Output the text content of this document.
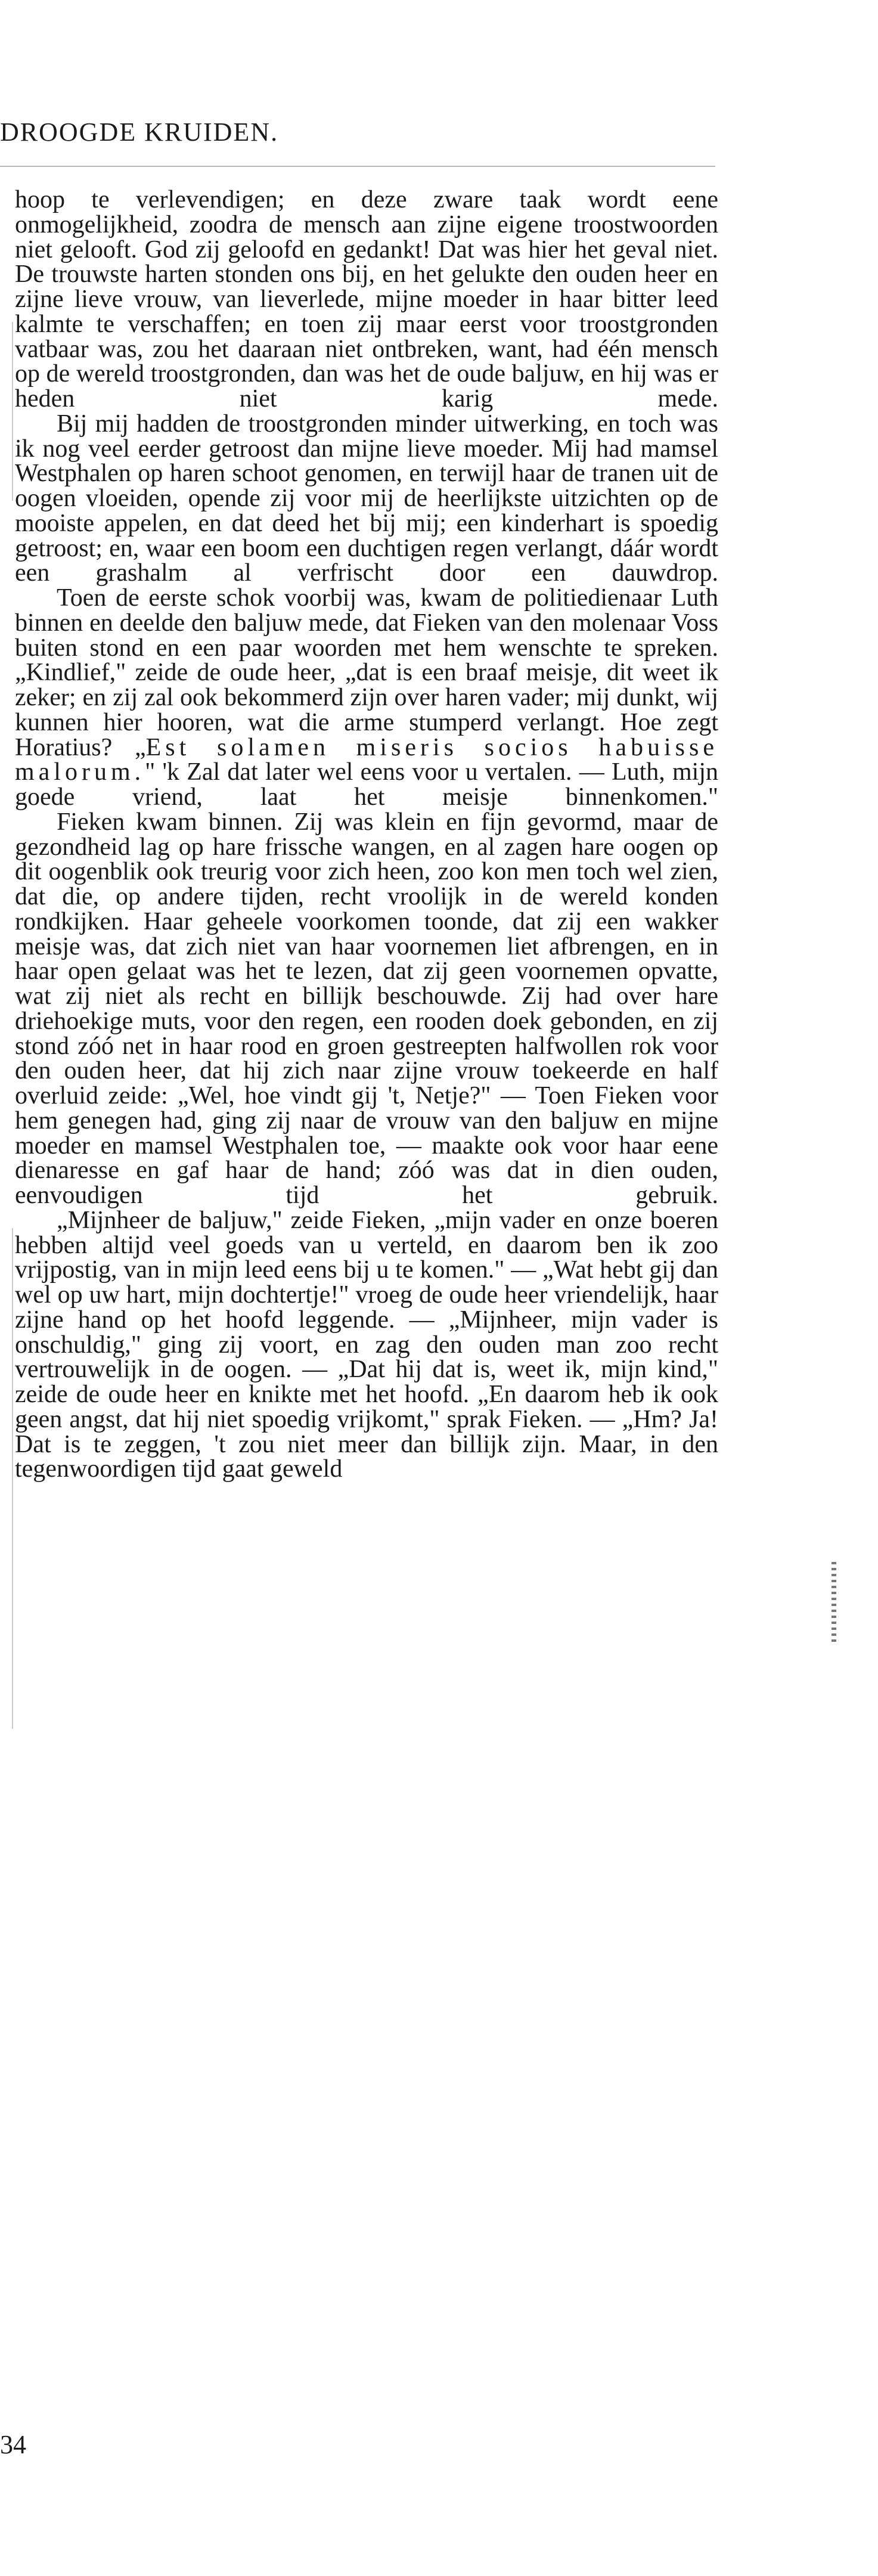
DROOGDE KRUIDEN.

hoop te verlevendigen; en deze zware taak wordt eene onmogelijkheid, zoodra de mensch aan zijne eigene troostwoorden niet gelooft. God zij geloofd en gedankt! Dat was hier het geval niet. De trouwste harten stonden ons bij, en het gelukte den ouden heer en zijne lieve vrouw, van lieverlede, mijne moeder in haar bitter leed kalmte te verschaffen; en toen zij maar eerst voor troostgronden vatbaar was, zou het daaraan niet ontbreken, want, had één mensch op de wereld troostgronden, dan was het de oude baljuw, en hij was er heden niet karig mede.

Bij mij hadden de troostgronden minder uitwerking, en toch was ik nog veel eerder getroost dan mijne lieve moeder. Mij had mamsel Westphalen op haren schoot genomen, en terwijl haar de tranen uit de oogen vloeiden, opende zij voor mij de heerlijkste uitzichten op de mooiste appelen, en dat deed het bij mij; een kinderhart is spoedig getroost; en, waar een boom een duchtigen regen verlangt, dáár wordt een grashalm al verfrischt door een dauwdrop.

Toen de eerste schok voorbij was, kwam de politiedienaar Luth binnen en deelde den baljuw mede, dat Fieken van den molenaar Voss buiten stond en een paar woorden met hem wenschte te spreken. „Kindlief," zeide de oude heer, „dat is een braaf meisje, dit weet ik zeker; en zij zal ook bekommerd zijn over haren vader; mij dunkt, wij kunnen hier hooren, wat die arme stumperd verlangt. Hoe zegt Horatius? „Est solamen miseris socios habuisse malorum." 'k Zal dat later wel eens voor u vertalen. — Luth, mijn goede vriend, laat het meisje binnenkomen."

Fieken kwam binnen. Zij was klein en fijn gevormd, maar de gezondheid lag op hare frissche wangen, en al zagen hare oogen op dit oogenblik ook treurig voor zich heen, zoo kon men toch wel zien, dat die, op andere tijden, recht vroolijk in de wereld konden rondkijken. Haar geheele voorkomen toonde, dat zij een wakker meisje was, dat zich niet van haar voornemen liet afbrengen, en in haar open gelaat was het te lezen, dat zij geen voornemen opvatte, wat zij niet als recht en billijk beschouwde. Zij had over hare driehoekige muts, voor den regen, een rooden doek gebonden, en zij stond zóó net in haar rood en groen gestreepten halfwollen rok voor den ouden heer, dat hij zich naar zijne vrouw toekeerde en half overluid zeide: „Wel, hoe vindt gij 't, Netje?" — Toen Fieken voor hem genegen had, ging zij naar de vrouw van den baljuw en mijne moeder en mamsel Westphalen toe, — maakte ook voor haar eene dienaresse en gaf haar de hand; zóó was dat in dien ouden, eenvoudigen tijd het gebruik.

„Mijnheer de baljuw," zeide Fieken, „mijn vader en onze boeren hebben altijd veel goeds van u verteld, en daarom ben ik zoo vrijpostig, van in mijn leed eens bij u te komen." — „Wat hebt gij dan wel op uw hart, mijn dochtertje!" vroeg de oude heer vriendelijk, haar zijne hand op het hoofd leggende. — „Mijnheer, mijn vader is onschuldig," ging zij voort, en zag den ouden man zoo recht vertrouwelijk in de oogen. — „Dat hij dat is, weet ik, mijn kind," zeide de oude heer en knikte met het hoofd. „En daarom heb ik ook geen angst, dat hij niet spoedig vrijkomt," sprak Fieken. — „Hm? Ja! Dat is te zeggen, 't zou niet meer dan billijk zijn. Maar, in den tegenwoordigen tijd gaat geweld

34
